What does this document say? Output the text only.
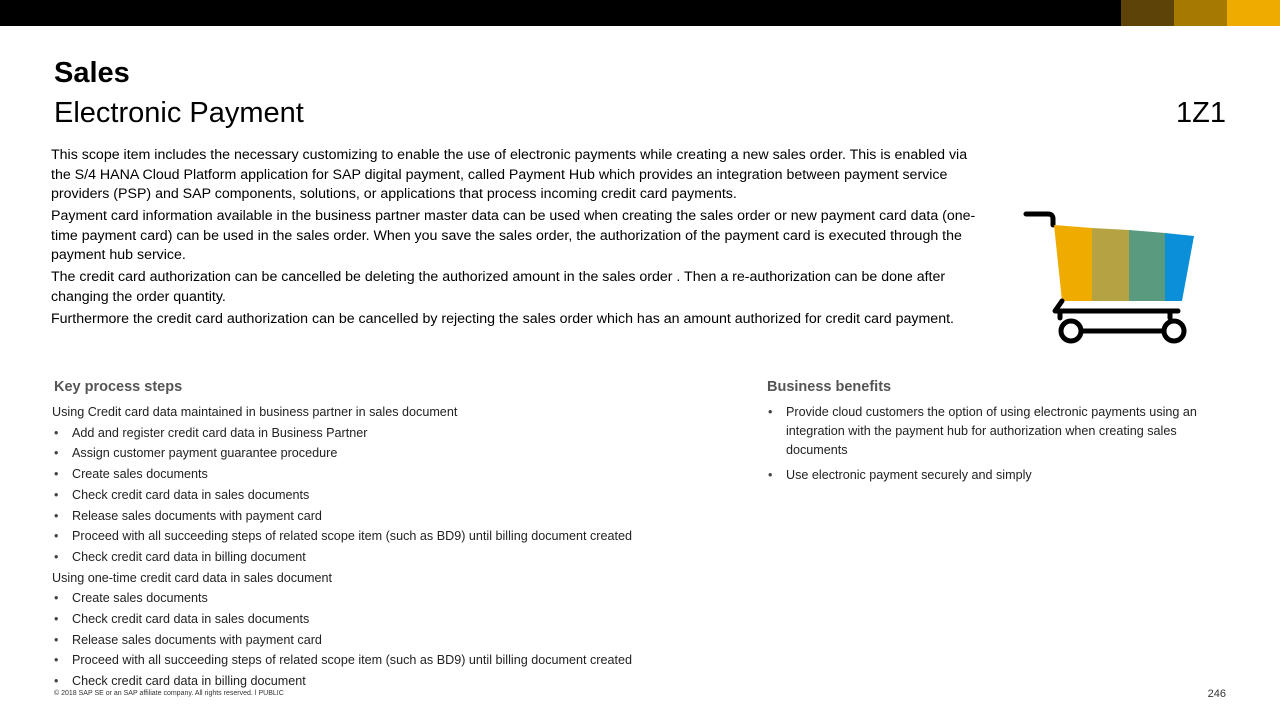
Sales
Electronic Payment	1Z1

This scope item includes the necessary customizing to enable the use of electronic payments while creating a new sales order. This is enabled via the S/4 HANA Cloud Platform application for SAP digital payment, called Payment Hub which provides an integration between payment service providers (PSP) and SAP components, solutions, or applications that process incoming credit card payments.

Payment card information available in the business partner master data can be used when creating the sales order or new payment card data (one-time payment card) can be used in the sales order. When you save the sales order, the authorization of the payment card is executed through the payment hub service.

The credit card authorization can be cancelled be deleting the authorized amount in the sales order . Then a re-authorization can be done after changing the order quantity.

Furthermore the credit card authorization can be cancelled by rejecting the sales order which has an amount authorized for credit card payment.

Key process steps	Business benefits
Using Credit card data maintained in business partner in sales document
• Add and register credit card data in Business Partner
• Assign customer payment guarantee procedure
• Create sales documents
• Check credit card data in sales documents
• Release sales documents with payment card
• Proceed with all succeeding steps of related scope item (such as BD9) until billing document created
• Check credit card data in billing document
Using one-time credit card data in sales document
• Create sales documents
• Check credit card data in sales documents
• Release sales documents with payment card
• Proceed with all succeeding steps of related scope item (such as BD9) until billing document created
• Check credit card data in billing document
• Provide cloud customers the option of using electronic payments using an integration with the payment hub for authorization when creating sales documents
• Use electronic payment securely and simply
© 2018 SAP SE or an SAP affiliate company. All rights reserved. ǀ PUBLIC	246
